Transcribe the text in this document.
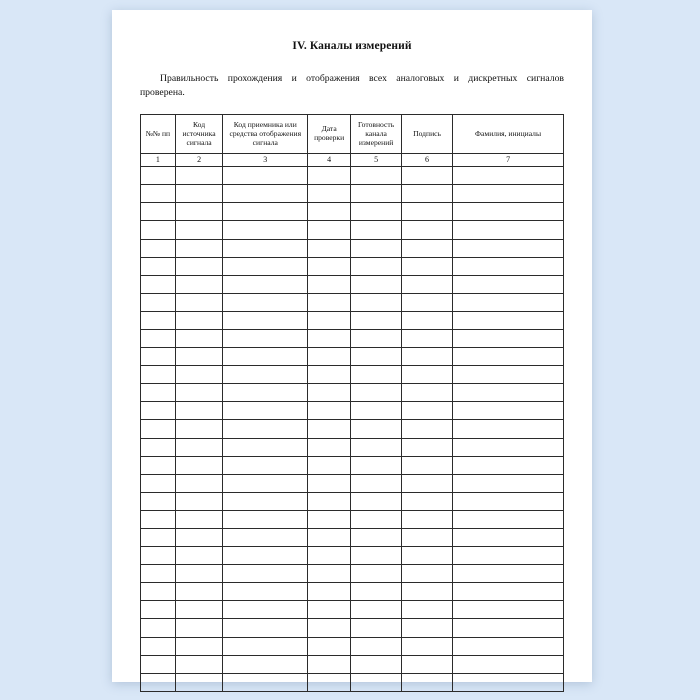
IV. Каналы измерений

Правильность прохождения и отображения всех аналоговых и дискретных сигналов проверена.

№№ пп	Код источника сигнала	Код приемника или средства отображения сигнала	Дата проверки	Готовность канала измерений	Подпись	Фамилия, инициалы
1	2	3	4	5	6	7
